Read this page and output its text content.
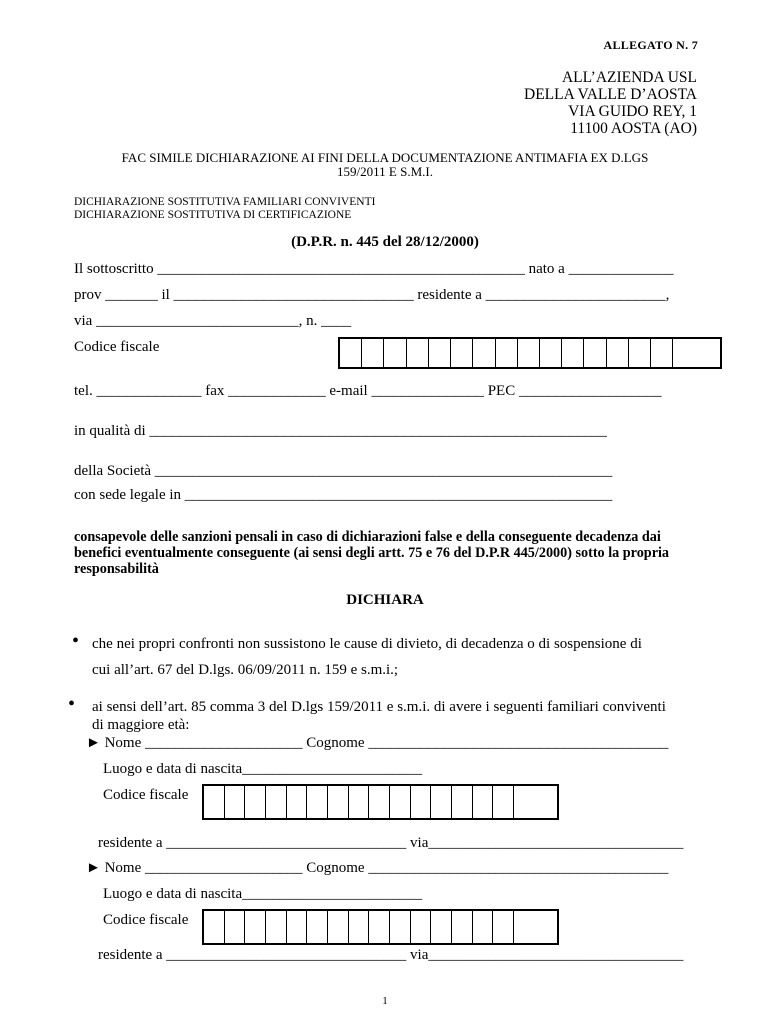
ALLEGATO N. 7
ALL’AZIENDA USL
DELLA VALLE D’AOSTA
VIA GUIDO REY, 1
11100 AOSTA (AO)
FAC SIMILE DICHIARAZIONE AI FINI DELLA DOCUMENTAZIONE ANTIMAFIA EX D.LGS
159/2011 E S.M.I.
DICHIARAZIONE SOSTITUTIVA FAMILIARI CONVIVENTI
DICHIARAZIONE SOSTITUTIVA DI CERTIFICAZIONE
(D.P.R. n. 445 del 28/12/2000)
Il sottoscritto _________________________________________________ nato a ______________
prov _______ il ________________________________ residente a ________________________,
via ___________________________, n. ____
Codice fiscale
tel. ______________ fax _____________ e-mail _______________ PEC ___________________
in qualità di _____________________________________________________________
della Società _____________________________________________________________
con sede legale in _________________________________________________________
consapevole delle sanzioni pensali in caso di dichiarazioni false e della conseguente decadenza dai benefici eventualmente conseguente (ai sensi degli artt. 75 e 76 del D.P.R 445/2000) sotto la propria responsabilità
DICHIARA
• che nei propri confronti non sussistono le cause di divieto, di decadenza o di sospensione di
cui all’art. 67 del D.lgs. 06/09/2011 n. 159 e s.m.i.;
• ai sensi dell’art. 85 comma 3 del D.lgs 159/2011 e s.m.i. di avere i seguenti familiari conviventi
di maggiore età:
► Nome _____________________ Cognome ________________________________________
Luogo e data di nascita________________________
Codice fiscale
residente a ________________________________ via__________________________________
► Nome _____________________ Cognome ________________________________________
Luogo e data di nascita________________________
Codice fiscale
residente a ________________________________ via__________________________________
1
